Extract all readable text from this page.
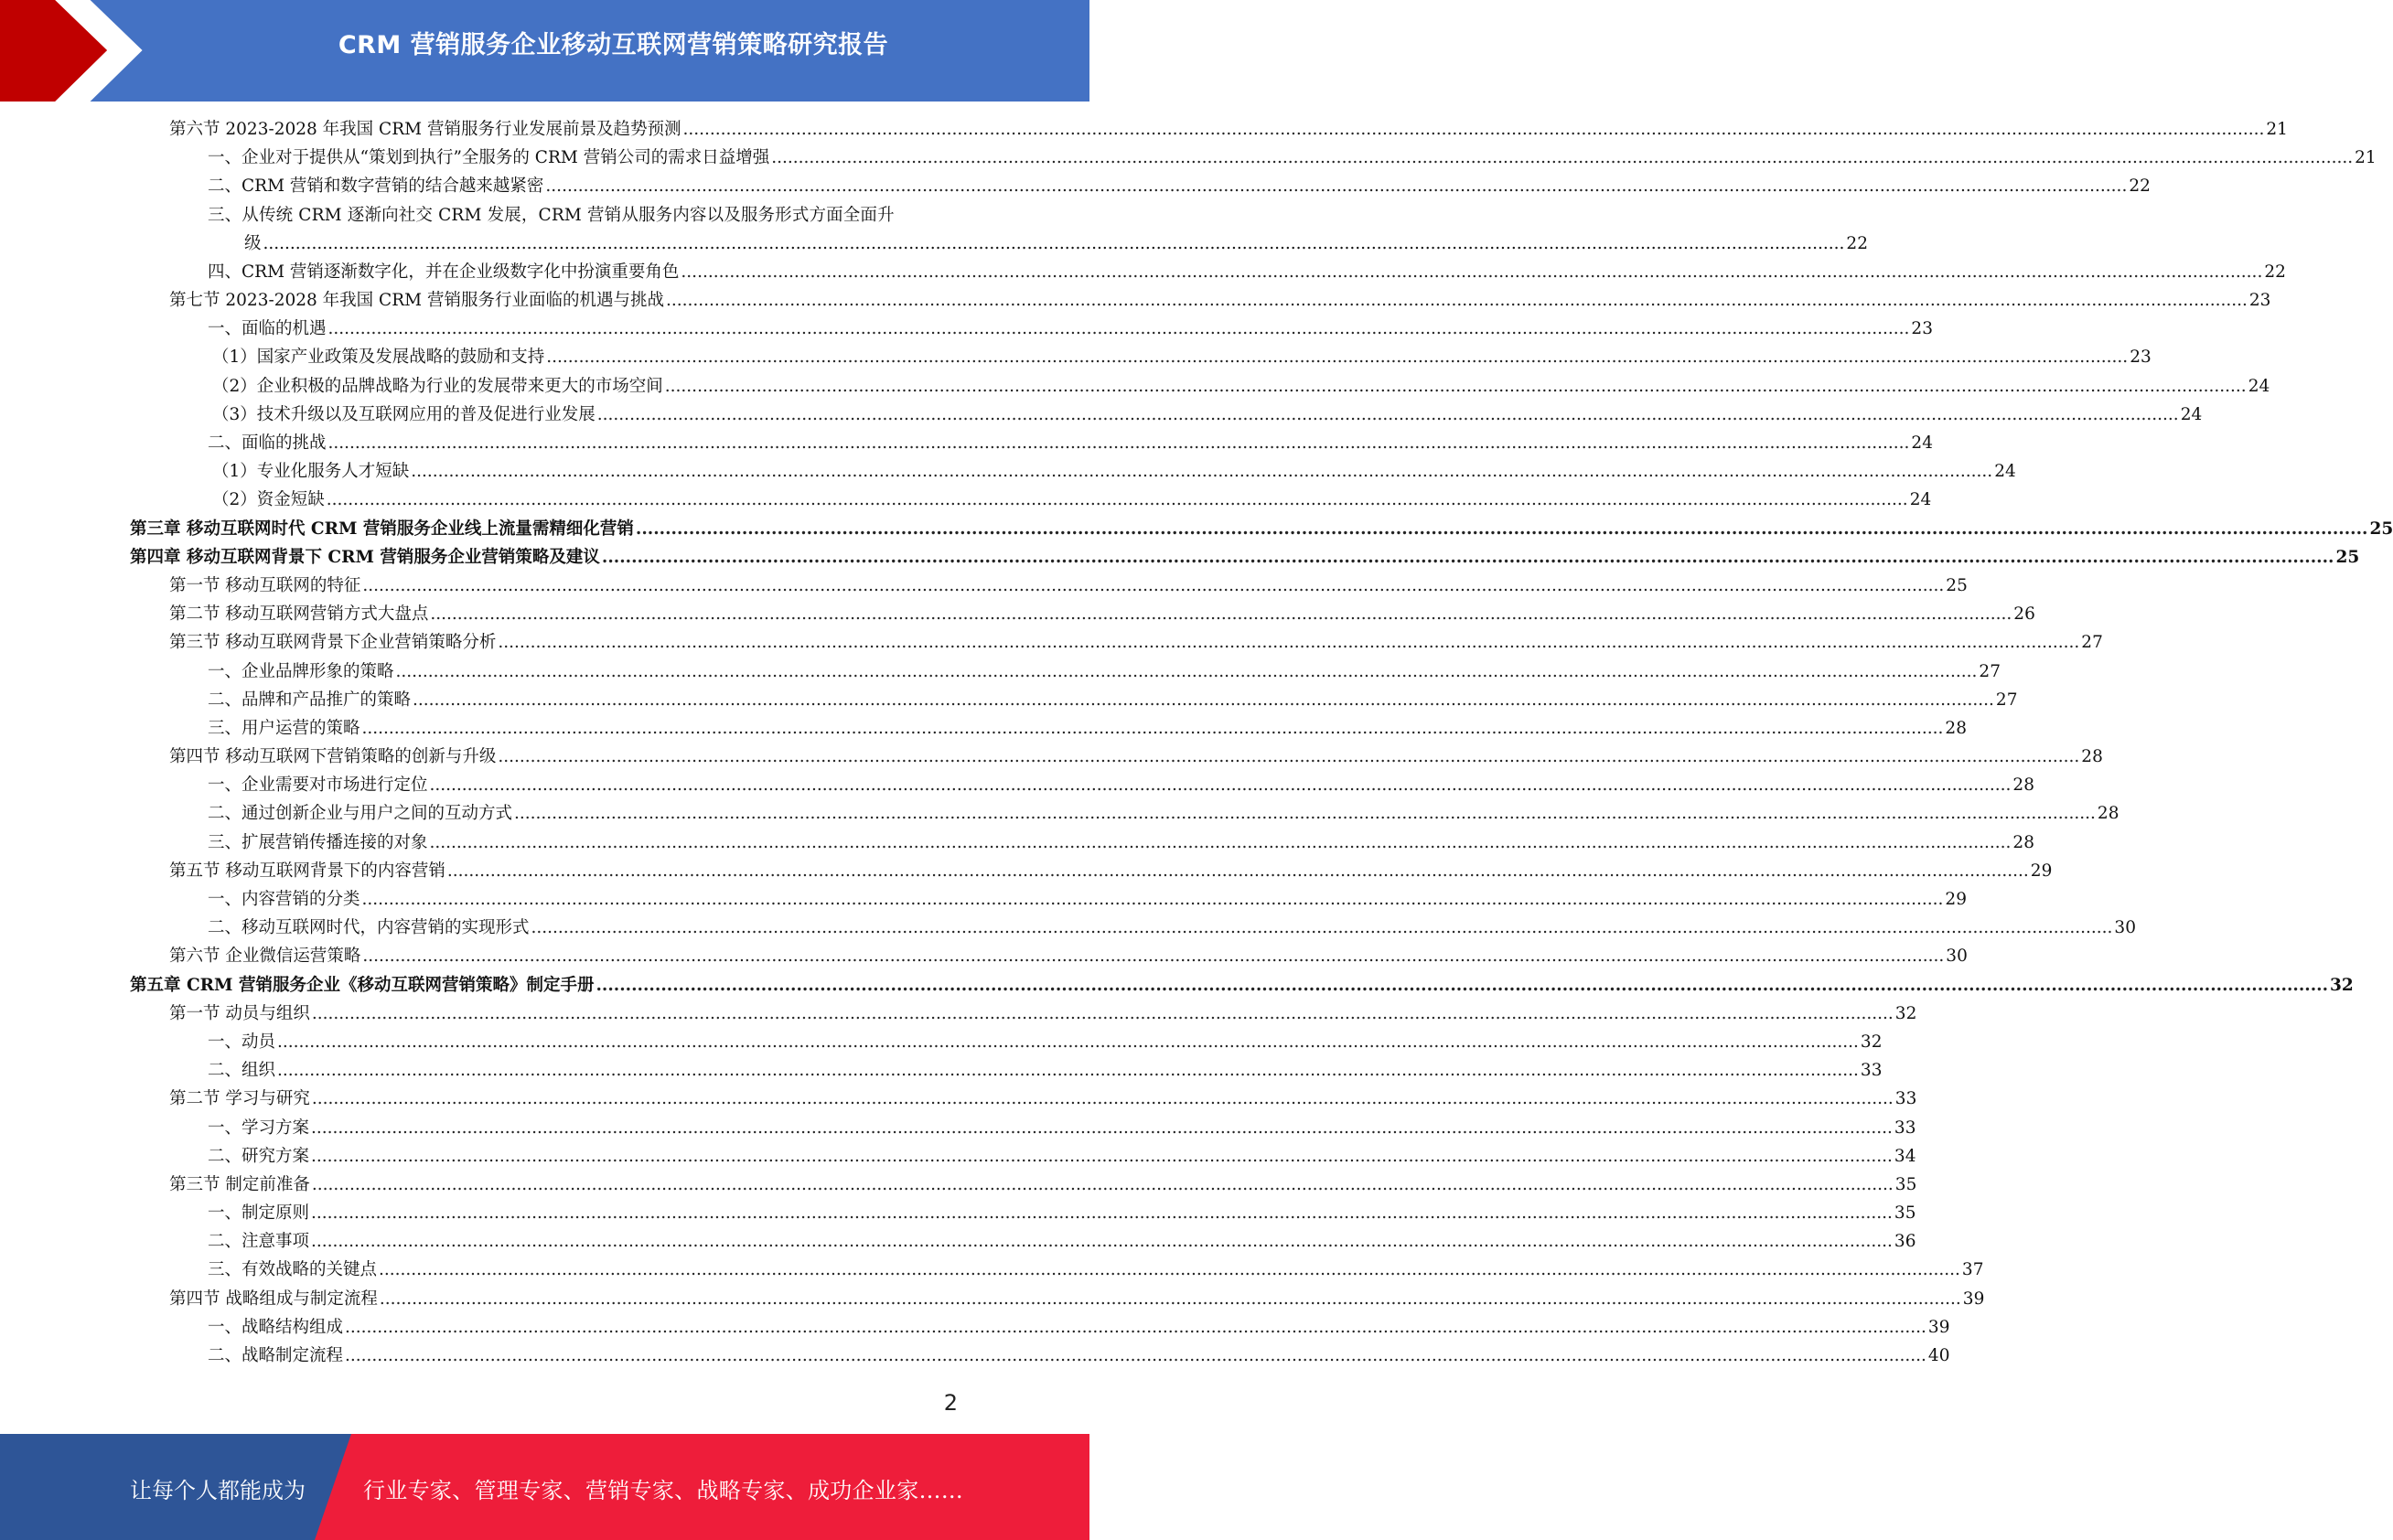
CRM 营销服务企业移动互联网营销策略研究报告
第六节 2023-2028 年我国 CRM 营销服务行业发展前景及趋势预测 .....	21
一、企业对于提供从“策划到执行”全服务的 CRM 营销公司的需求日益增强 .....	21
二、CRM 营销和数字营销的结合越来越紧密 .....	22
三、从传统 CRM 逐渐向社交 CRM 发展，CRM 营销从服务内容以及服务形式方面全面升
级 .....	22
四、CRM 营销逐渐数字化，并在企业级数字化中扮演重要角色 .....	22
第七节 2023-2028 年我国 CRM 营销服务行业面临的机遇与挑战 .....	23
一、面临的机遇 .....	23
（1）国家产业政策及发展战略的鼓励和支持 .....	23
（2）企业积极的品牌战略为行业的发展带来更大的市场空间 .....	24
（3）技术升级以及互联网应用的普及促进行业发展 .....	24
二、面临的挑战 .....	24
（1）专业化服务人才短缺 .....	24
（2）资金短缺 .....	24
第三章 移动互联网时代 CRM 营销服务企业线上流量需精细化营销 .....	25
第四章 移动互联网背景下 CRM 营销服务企业营销策略及建议 .....	25
第一节 移动互联网的特征 .....	25
第二节 移动互联网营销方式大盘点 .....	26
第三节 移动互联网背景下企业营销策略分析 .....	27
一、企业品牌形象的策略 .....	27
二、品牌和产品推广的策略 .....	27
三、用户运营的策略 .....	28
第四节 移动互联网下营销策略的创新与升级 .....	28
一、企业需要对市场进行定位 .....	28
二、通过创新企业与用户之间的互动方式 .....	28
三、扩展营销传播连接的对象 .....	28
第五节 移动互联网背景下的内容营销 .....	29
一、内容营销的分类 .....	29
二、移动互联网时代，内容营销的实现形式 .....	30
第六节 企业微信运营策略 .....	30
第五章 CRM 营销服务企业《移动互联网营销策略》制定手册 .....	32
第一节 动员与组织 .....	32
一、动员 .....	32
二、组织 .....	33
第二节 学习与研究 .....	33
一、学习方案 .....	33
二、研究方案 .....	34
第三节 制定前准备 .....	35
一、制定原则 .....	35
二、注意事项 .....	36
三、有效战略的关键点 .....	37
第四节 战略组成与制定流程 .....	39
一、战略结构组成 .....	39
二、战略制定流程 .....	40
2
让每个人都能成为	行业专家、管理专家、营销专家、战略专家、成功企业家……
